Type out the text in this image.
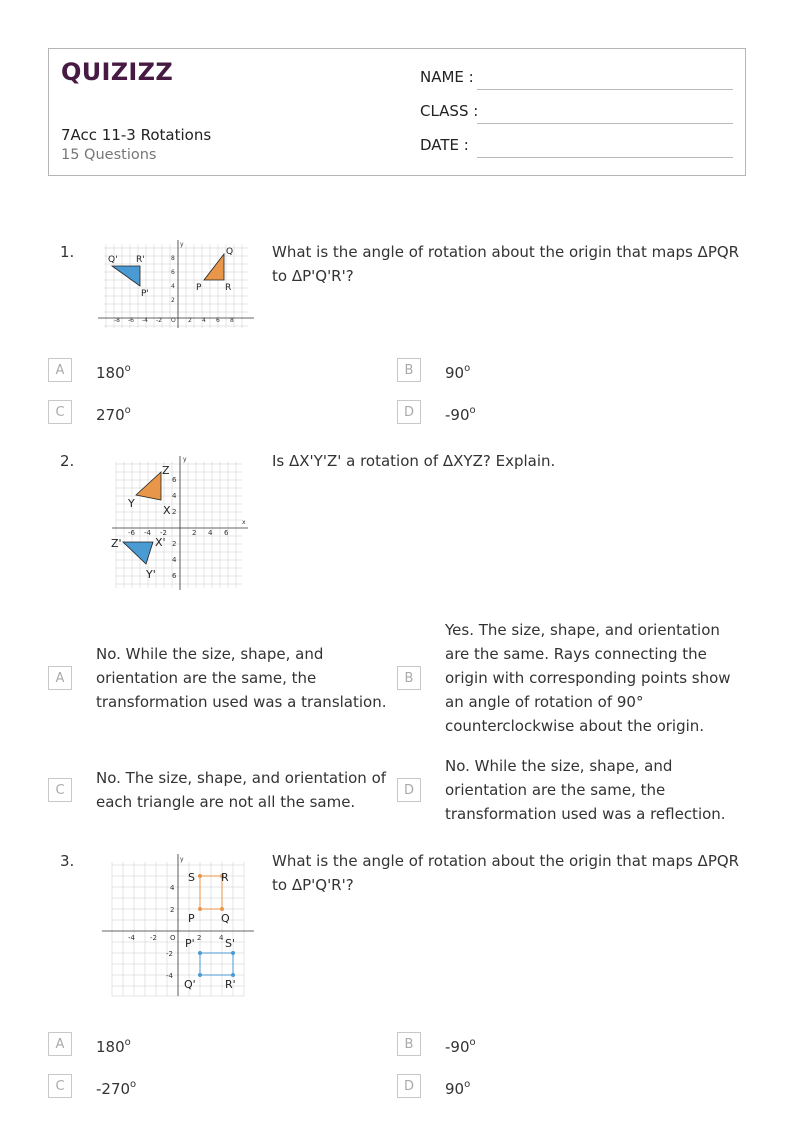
QUIZIZZ
7Acc 11-3 Rotations
15 Questions
NAME :
CLASS :
DATE :
1.	y
-8 -6 -4 -2 O 2 4 6 8
8
6
4
2
Q' R'
P'
Q
P	R
What is the angle of rotation about the origin that maps ΔPQR to ΔP'Q'R'?
A	180$^o$	B	90$^o$
C	270$^o$	D	-90$^o$
2.
x
y
-6 -4 -2	2 4 6
6
4
2
2
4
6
Z
Y
X
Z'	X'
Y'
Is ΔX'Y'Z' a rotation of ΔXYZ? Explain.
A
No. While the size, shape, and orientation are the same, the transformation used was a translation.
B
Yes. The size, shape, and orientation are the same. Rays connecting the origin with corresponding points show an angle of rotation of 90° counterclockwise about the origin.
C
No. The size, shape, and orientation of each triangle are not all the same.
D
No. While the size, shape, and orientation are the same, the transformation used was a reflection.
3.	y
-4 -2 O	2	4
4
2
-2
-4
S R
P Q
P'	S'
Q'	R'
What is the angle of rotation about the origin that maps ΔPQR to ΔP'Q'R'?
A	180$^o$	B	-90$^o$
C	-270$^o$	D	90$^o$
